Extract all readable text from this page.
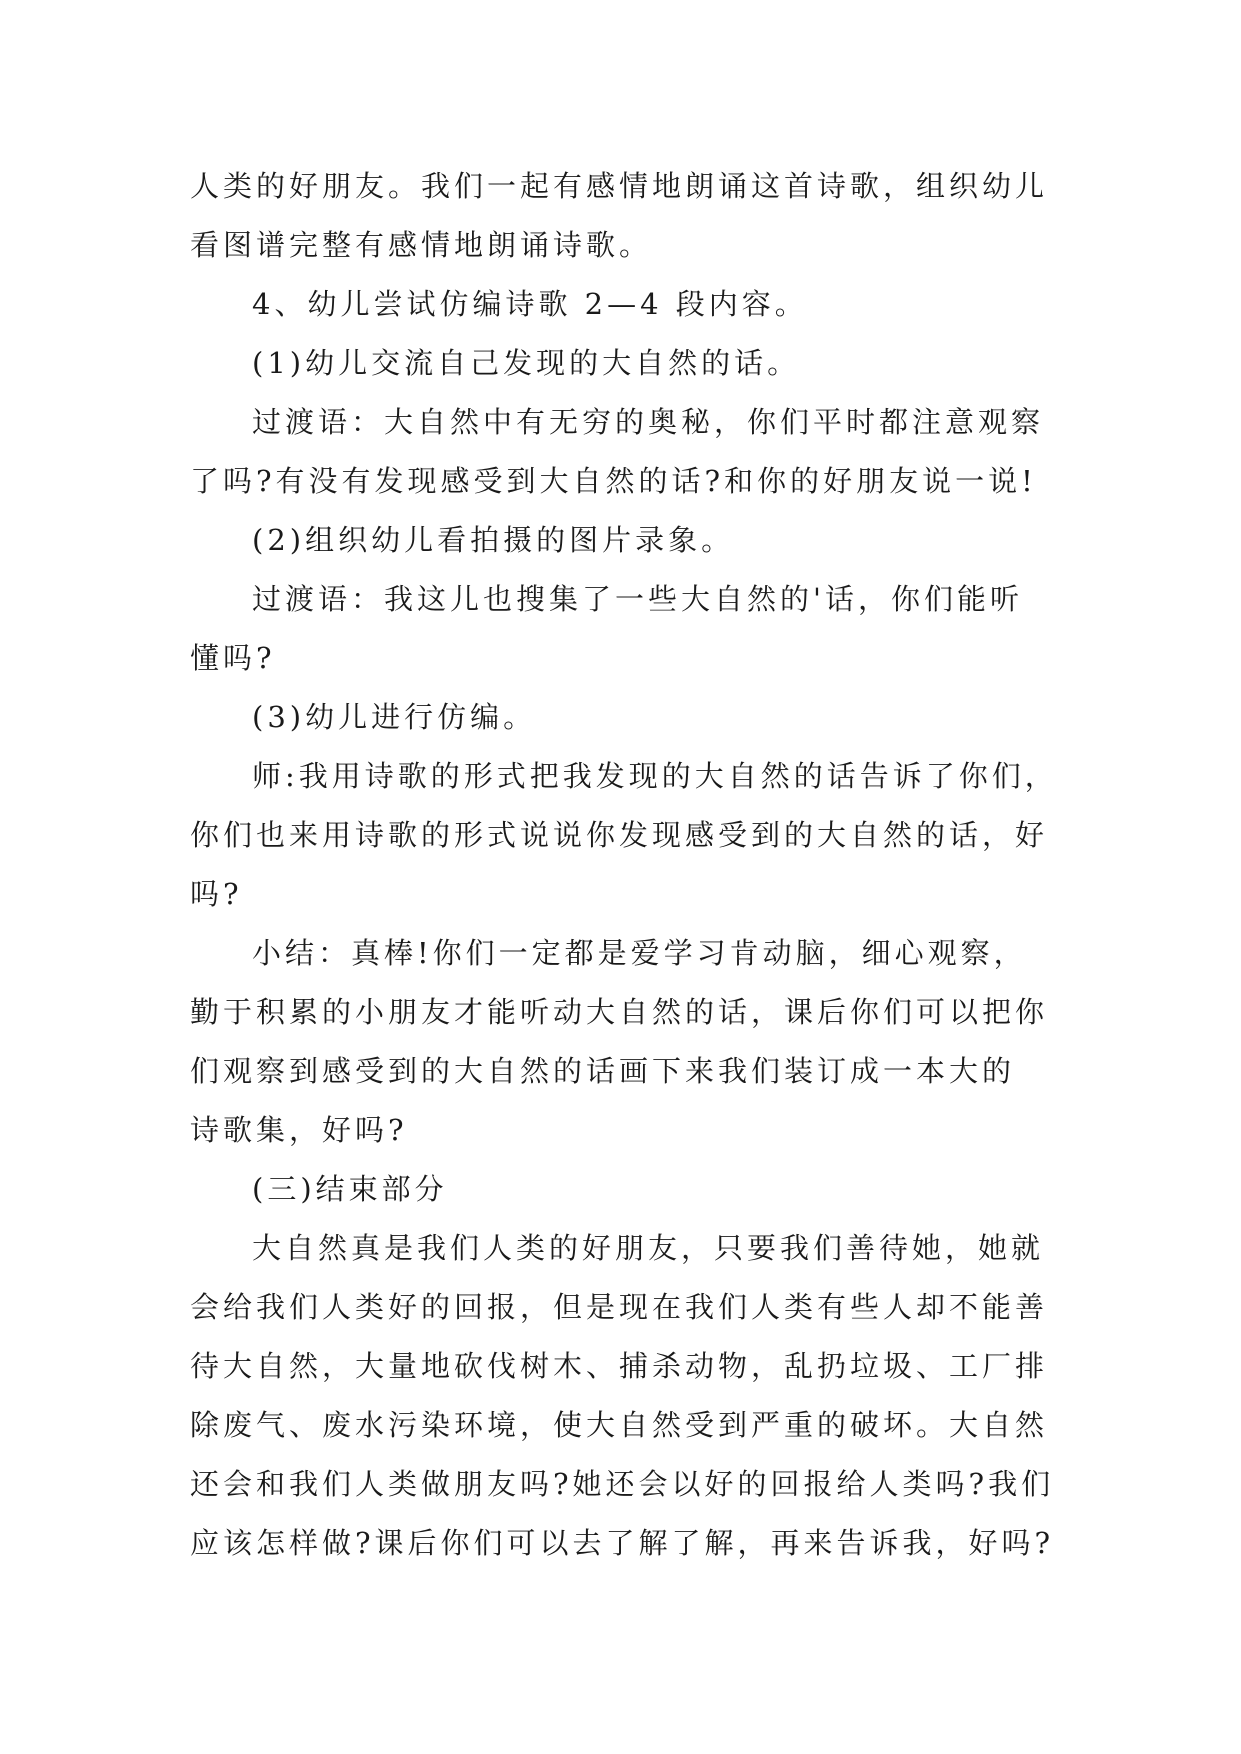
人类的好朋友。我们一起有感情地朗诵这首诗歌，组织幼儿
看图谱完整有感情地朗诵诗歌。

4、幼儿尝试仿编诗歌 2—4 段内容。

(1)幼儿交流自己发现的大自然的话。

过渡语：大自然中有无穷的奥秘，你们平时都注意观察
了吗?有没有发现感受到大自然的话?和你的好朋友说一说!

(2)组织幼儿看拍摄的图片录象。

过渡语：我这儿也搜集了一些大自然的'话，你们能听
懂吗?

(3)幼儿进行仿编。

师:我用诗歌的形式把我发现的大自然的话告诉了你们，
你们也来用诗歌的形式说说你发现感受到的大自然的话，好
吗?

小结：真棒!你们一定都是爱学习肯动脑，细心观察，
勤于积累的小朋友才能听动大自然的话，课后你们可以把你
们观察到感受到的大自然的话画下来我们装订成一本大的
诗歌集，好吗?

(三)结束部分

大自然真是我们人类的好朋友，只要我们善待她，她就
会给我们人类好的回报，但是现在我们人类有些人却不能善
待大自然，大量地砍伐树木、捕杀动物，乱扔垃圾、工厂排
除废气、废水污染环境，使大自然受到严重的破坏。大自然
还会和我们人类做朋友吗?她还会以好的回报给人类吗?我们
应该怎样做?课后你们可以去了解了解，再来告诉我，好吗?
